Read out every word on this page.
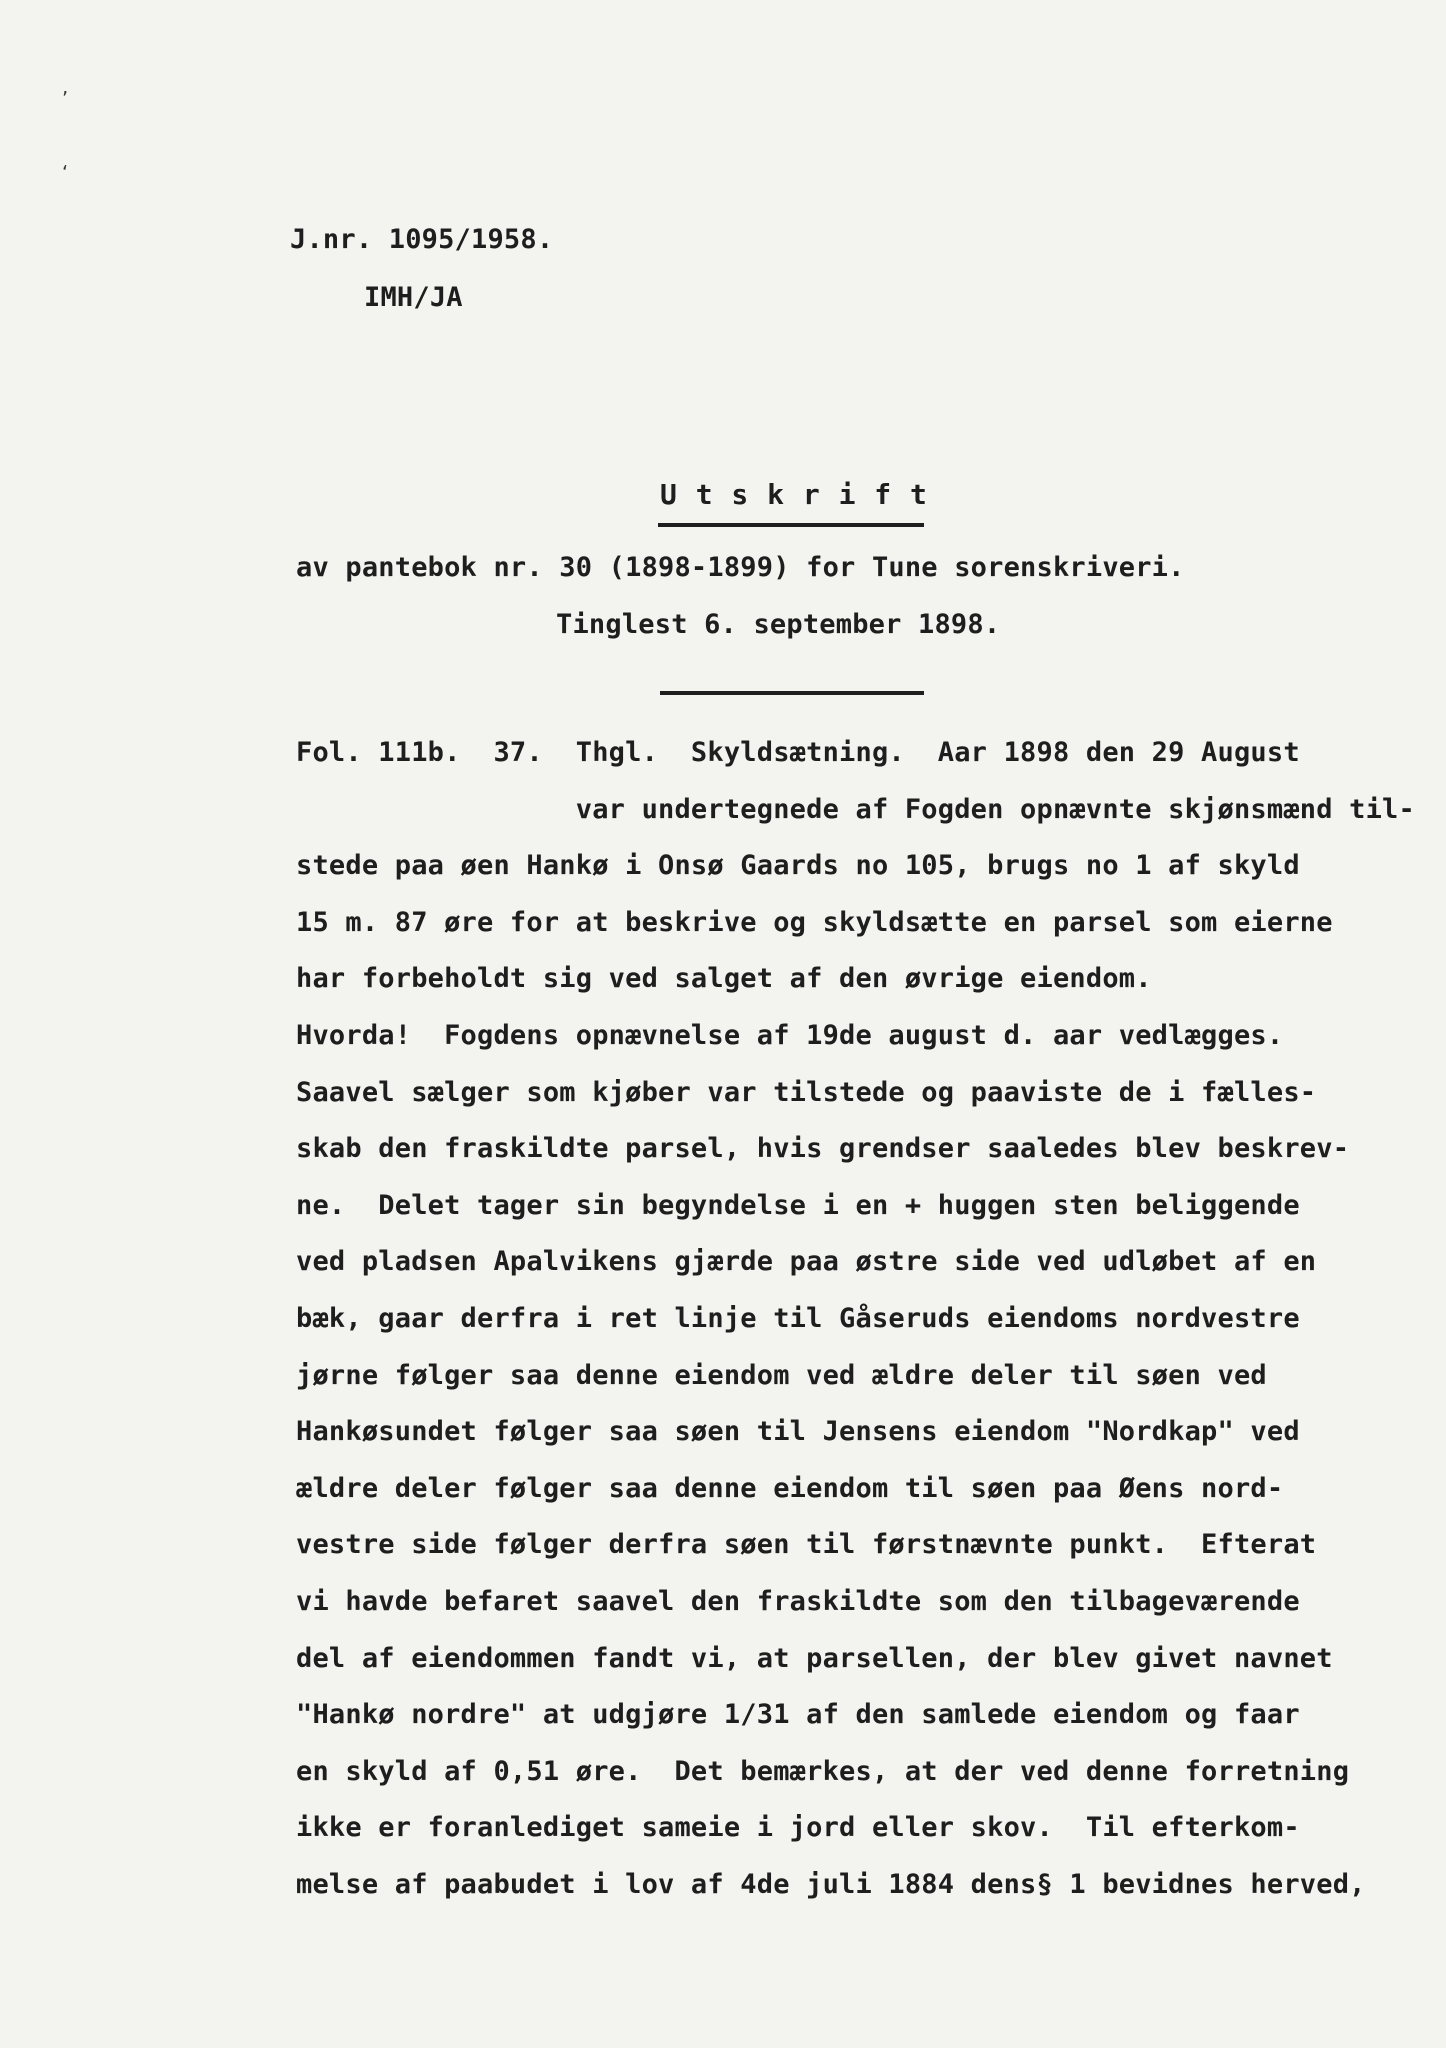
’
‘
J.nr. 1095/1958.
IMH/JA
U t s k r i f t
av pantebok nr. 30 (1898-1899) for Tune sorenskriveri.
Tinglest 6. september 1898.
Fol. 111b.  37.  Thgl.  Skyldsætning.  Aar 1898 den 29 August
var undertegnede af Fogden opnævnte skjønsmænd til-
stede paa øen Hankø i Onsø Gaards no 105, brugs no 1 af skyld
15 m. 87 øre for at beskrive og skyldsætte en parsel som eierne
har forbeholdt sig ved salget af den øvrige eiendom.
Hvorda!  Fogdens opnævnelse af 19de august d. aar vedlægges.
Saavel sælger som kjøber var tilstede og paaviste de i fælles-
skab den fraskildte parsel, hvis grendser saaledes blev beskrev-
ne.  Delet tager sin begyndelse i en + huggen sten beliggende
ved pladsen Apalvikens gjærde paa østre side ved udløbet af en
bæk, gaar derfra i ret linje til Gåseruds eiendoms nordvestre
jørne følger saa denne eiendom ved ældre deler til søen ved
Hankøsundet følger saa søen til Jensens eiendom "Nordkap" ved
ældre deler følger saa denne eiendom til søen paa Øens nord-
vestre side følger derfra søen til førstnævnte punkt.  Efterat
vi havde befaret saavel den fraskildte som den tilbageværende
del af eiendommen fandt vi, at parsellen, der blev givet navnet
"Hankø nordre" at udgjøre 1/31 af den samlede eiendom og faar
en skyld af 0,51 øre.  Det bemærkes, at der ved denne forretning
ikke er foranlediget sameie i jord eller skov.  Til efterkom-
melse af paabudet i lov af 4de juli 1884 dens§ 1 bevidnes herved,
